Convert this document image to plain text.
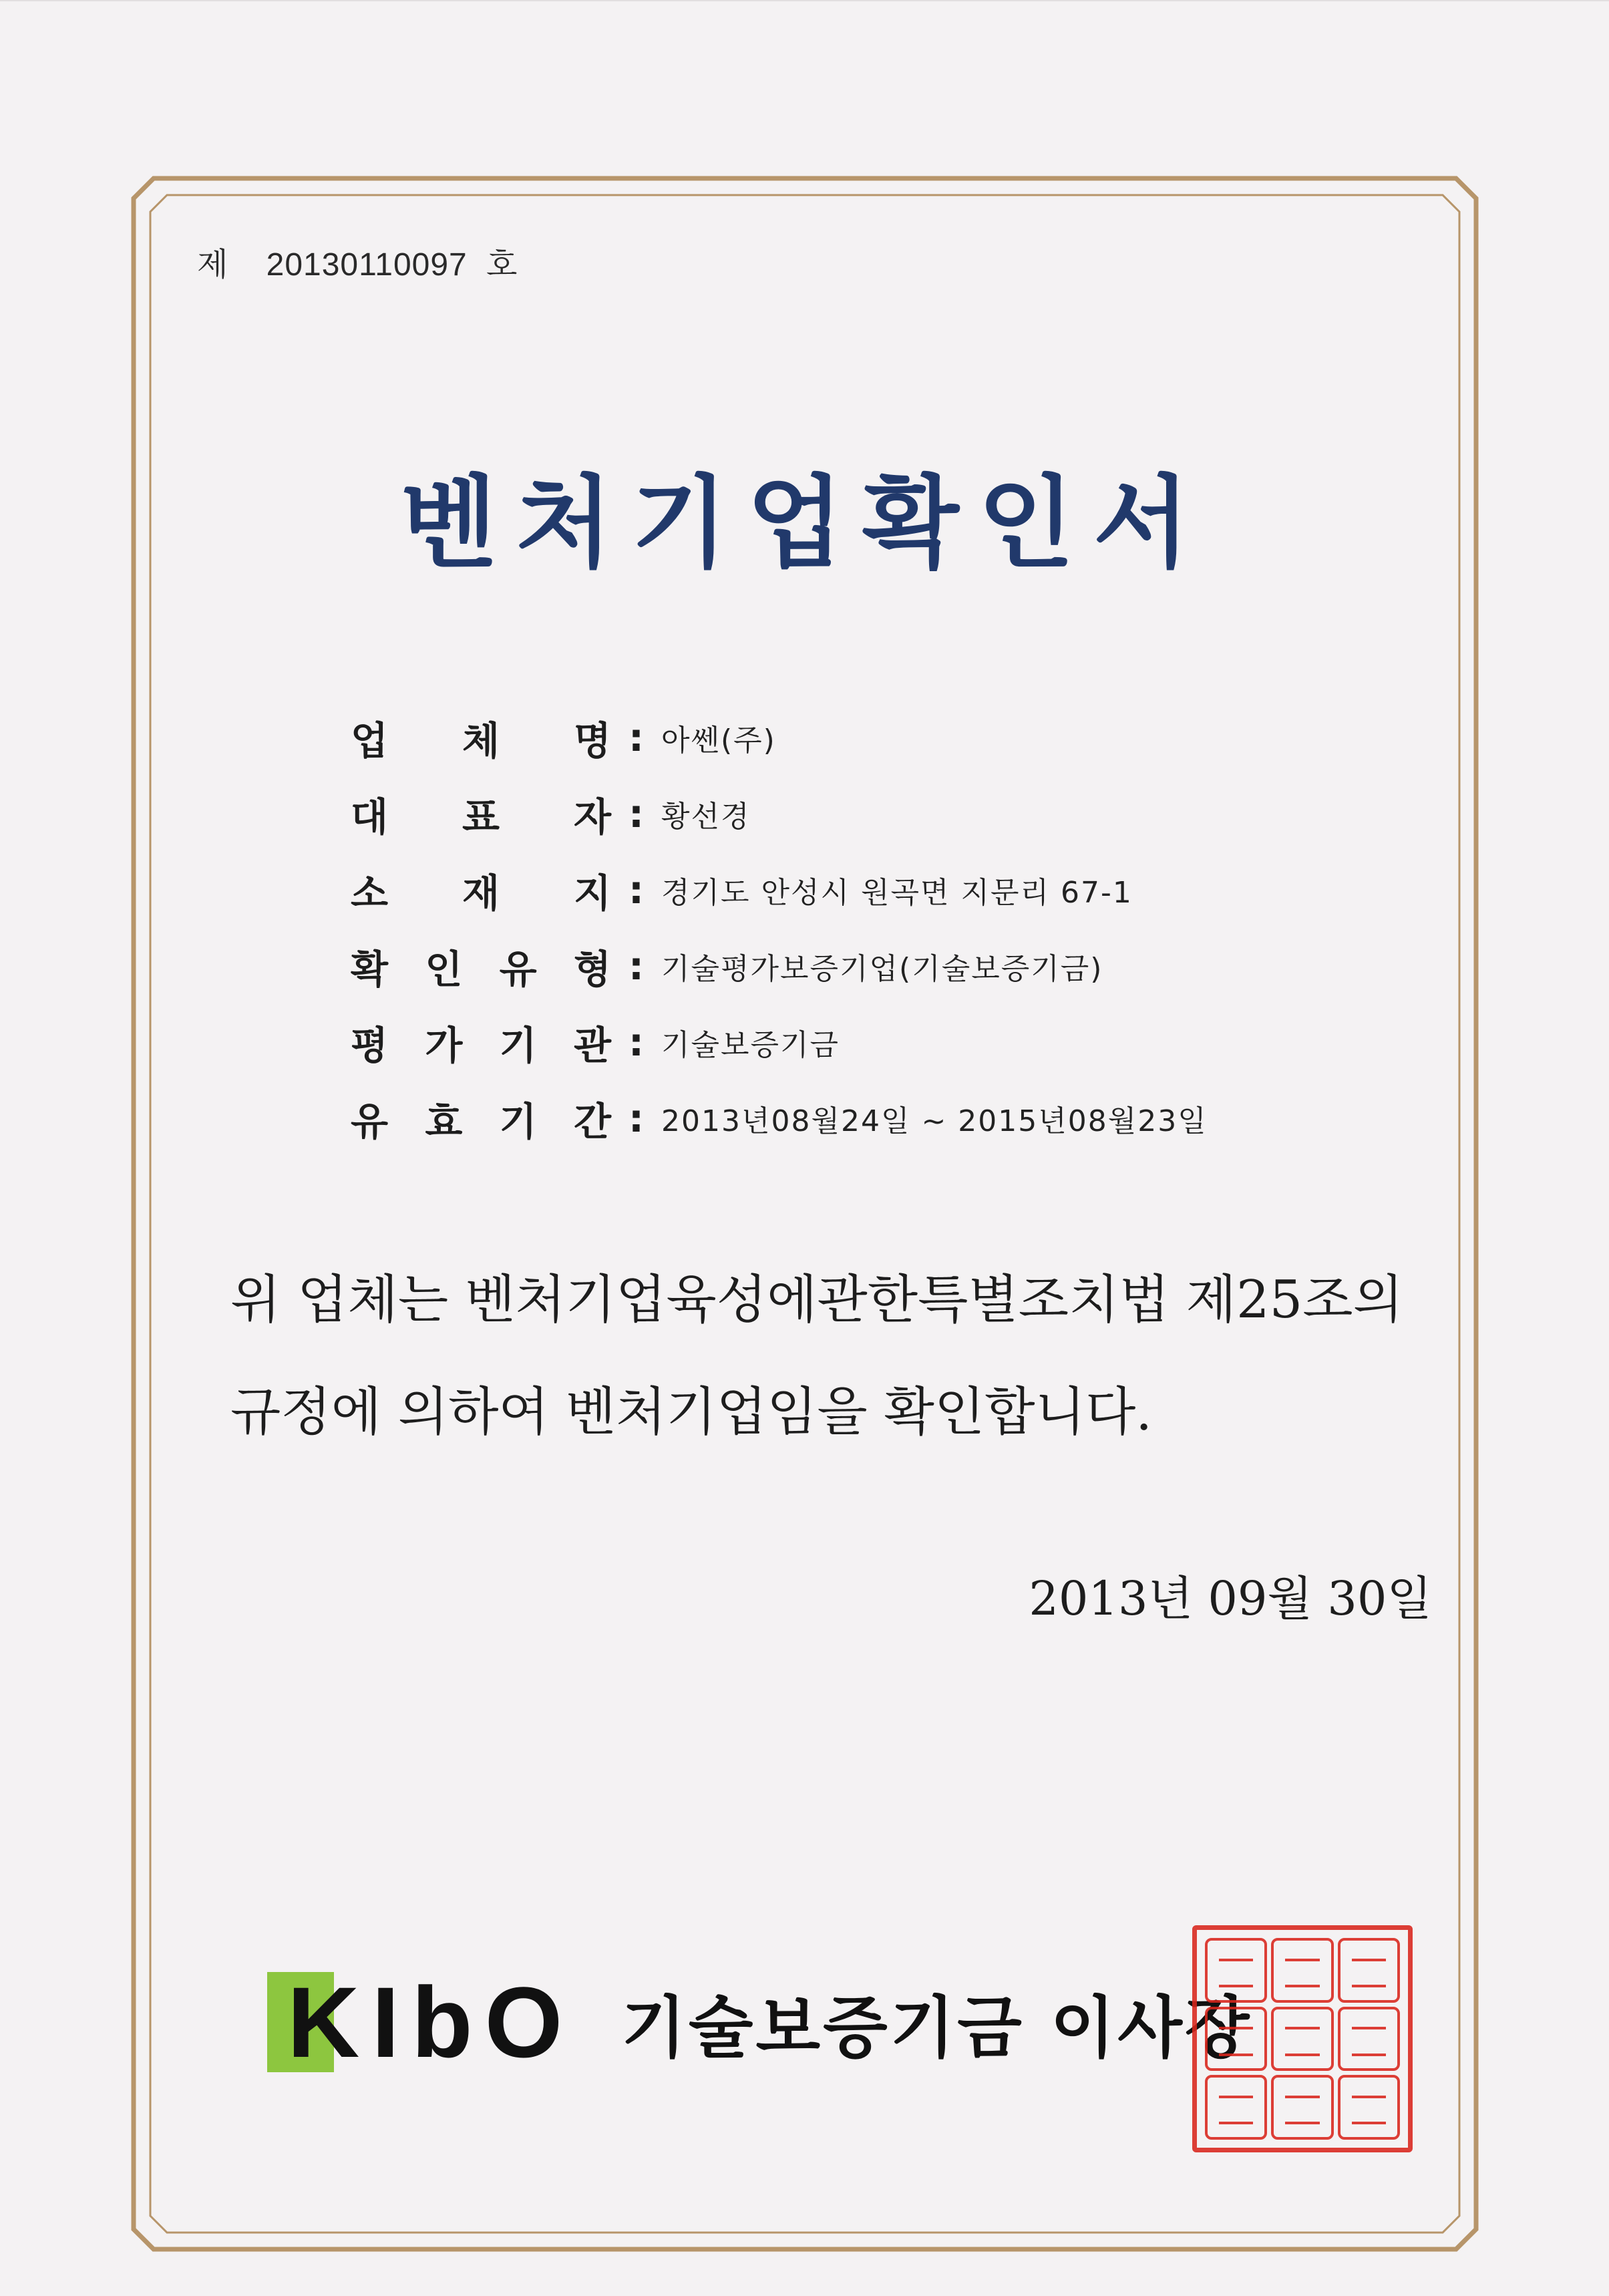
제 20130110097 호
벤처기업확인서
업 체 명 : 아쎈(주)
대 표 자 : 황선경
소 재 지 : 경기도 안성시 원곡면 지문리 67-1
확 인 유 형 : 기술평가보증기업(기술보증기금)
평 가 기 관 : 기술보증기금
유 효 기 간 : 2013년08월24일 ~ 2015년08월23일

위 업체는 벤처기업육성에관한특별조치법 제25조의

규정에 의하여 벤처기업임을 확인합니다.

2013년 09월 30일
KIbO 기술보증기금 이사장
